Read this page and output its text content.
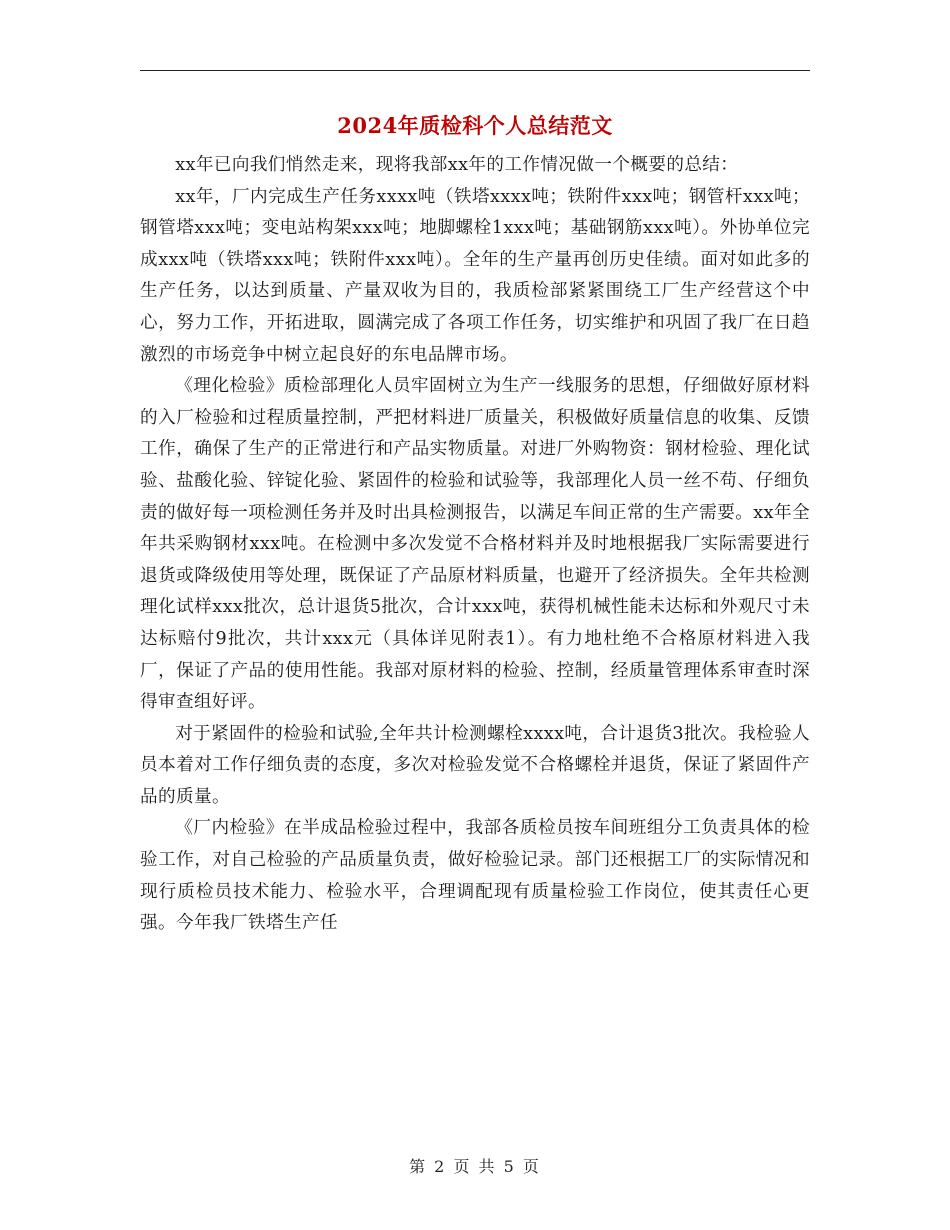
2024年质检科个人总结范文

xx年已向我们悄然走来，现将我部xx年的工作情况做一个概要的总结：

xx年，厂内完成生产任务xxxx吨（铁塔xxxx吨；铁附件xxx吨；钢管杆xxx吨；钢管塔xxx吨；变电站构架xxx吨；地脚螺栓1xxx吨；基础钢筋xxx吨）。外协单位完成xxx吨（铁塔xxx吨；铁附件xxx吨）。全年的生产量再创历史佳绩。面对如此多的生产任务，以达到质量、产量双收为目的，我质检部紧紧围绕工厂生产经营这个中心，努力工作，开拓进取，圆满完成了各项工作任务，切实维护和巩固了我厂在日趋激烈的市场竞争中树立起良好的东电品牌市场。

《理化检验》质检部理化人员牢固树立为生产一线服务的思想，仔细做好原材料的入厂检验和过程质量控制，严把材料进厂质量关，积极做好质量信息的收集、反馈工作，确保了生产的正常进行和产品实物质量。对进厂外购物资：钢材检验、理化试验、盐酸化验、锌锭化验、紧固件的检验和试验等，我部理化人员一丝不苟、仔细负责的做好每一项检测任务并及时出具检测报告，以满足车间正常的生产需要。xx年全年共采购钢材xxx吨。在检测中多次发觉不合格材料并及时地根据我厂实际需要进行退货或降级使用等处理，既保证了产品原材料质量，也避开了经济损失。全年共检测理化试样xxx批次，总计退货5批次，合计xxx吨，获得机械性能未达标和外观尺寸未达标赔付9批次，共计xxx元（具体详见附表1）。有力地杜绝不合格原材料进入我厂，保证了产品的使用性能。我部对原材料的检验、控制，经质量管理体系审查时深得审查组好评。

对于紧固件的检验和试验,全年共计检测螺栓xxxx吨，合计退货3批次。我检验人员本着对工作仔细负责的态度，多次对检验发觉不合格螺栓并退货，保证了紧固件产品的质量。

《厂内检验》在半成品检验过程中，我部各质检员按车间班组分工负责具体的检验工作，对自己检验的产品质量负责，做好检验记录。部门还根据工厂的实际情况和现行质检员技术能力、检验水平，合理调配现有质量检验工作岗位，使其责任心更强。今年我厂铁塔生产任

第 2 页 共 5 页
